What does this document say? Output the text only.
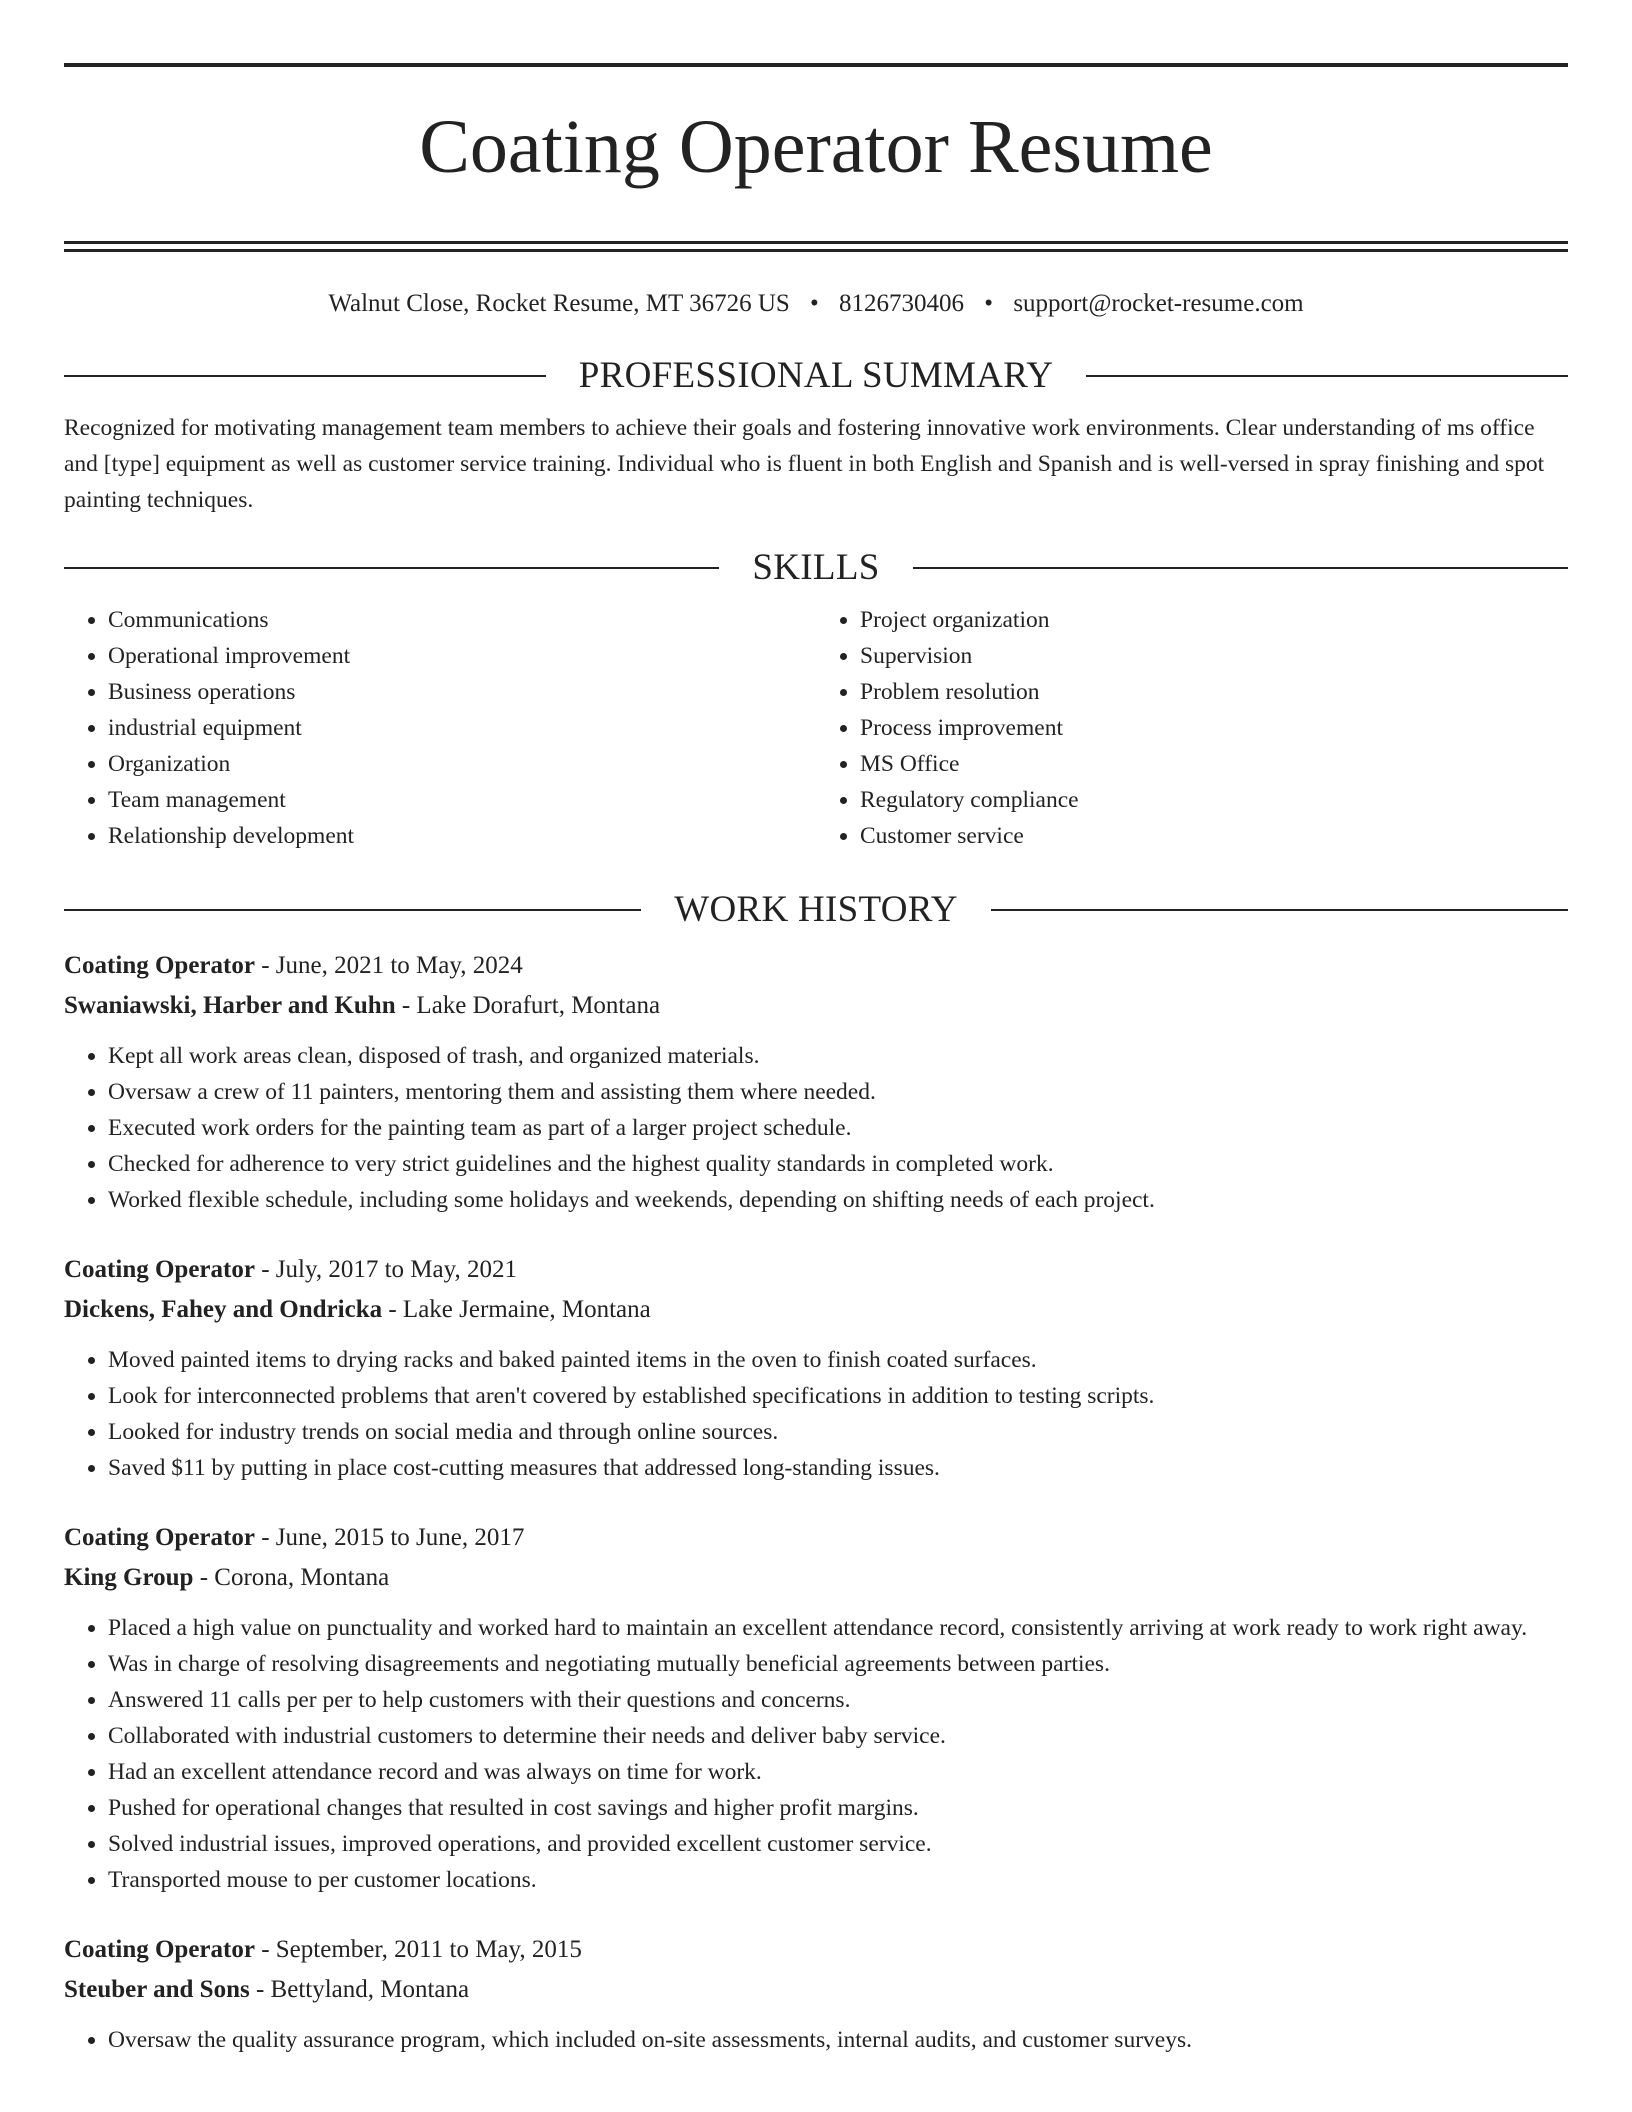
Coating Operator Resume
Walnut Close, Rocket Resume, MT 36726 US • 8126730406 • support@rocket-resume.com
PROFESSIONAL SUMMARY

Recognized for motivating management team members to achieve their goals and fostering innovative work environments. Clear understanding of ms office and [type] equipment as well as customer service training. Individual who is fluent in both English and Spanish and is well-versed in spray finishing and spot painting techniques.

SKILLS
• Communications
• Operational improvement
• Business operations
• industrial equipment
• Organization
• Team management
• Relationship development
• Project organization
• Supervision
• Problem resolution
• Process improvement
• MS Office
• Regulatory compliance
• Customer service
WORK HISTORY
Coating Operator - June, 2021 to May, 2024
Swaniawski, Harber and Kuhn - Lake Dorafurt, Montana
• Kept all work areas clean, disposed of trash, and organized materials.
• Oversaw a crew of 11 painters, mentoring them and assisting them where needed.
• Executed work orders for the painting team as part of a larger project schedule.
• Checked for adherence to very strict guidelines and the highest quality standards in completed work.
• Worked flexible schedule, including some holidays and weekends, depending on shifting needs of each project.
Coating Operator - July, 2017 to May, 2021
Dickens, Fahey and Ondricka - Lake Jermaine, Montana
• Moved painted items to drying racks and baked painted items in the oven to finish coated surfaces.
• Look for interconnected problems that aren't covered by established specifications in addition to testing scripts.
• Looked for industry trends on social media and through online sources.
• Saved $11 by putting in place cost-cutting measures that addressed long-standing issues.
Coating Operator - June, 2015 to June, 2017
King Group - Corona, Montana
• Placed a high value on punctuality and worked hard to maintain an excellent attendance record, consistently arriving at work ready to work right away.
• Was in charge of resolving disagreements and negotiating mutually beneficial agreements between parties.
• Answered 11 calls per per to help customers with their questions and concerns.
• Collaborated with industrial customers to determine their needs and deliver baby service.
• Had an excellent attendance record and was always on time for work.
• Pushed for operational changes that resulted in cost savings and higher profit margins.
• Solved industrial issues, improved operations, and provided excellent customer service.
• Transported mouse to per customer locations.
Coating Operator - September, 2011 to May, 2015
Steuber and Sons - Bettyland, Montana
• Oversaw the quality assurance program, which included on-site assessments, internal audits, and customer surveys.
